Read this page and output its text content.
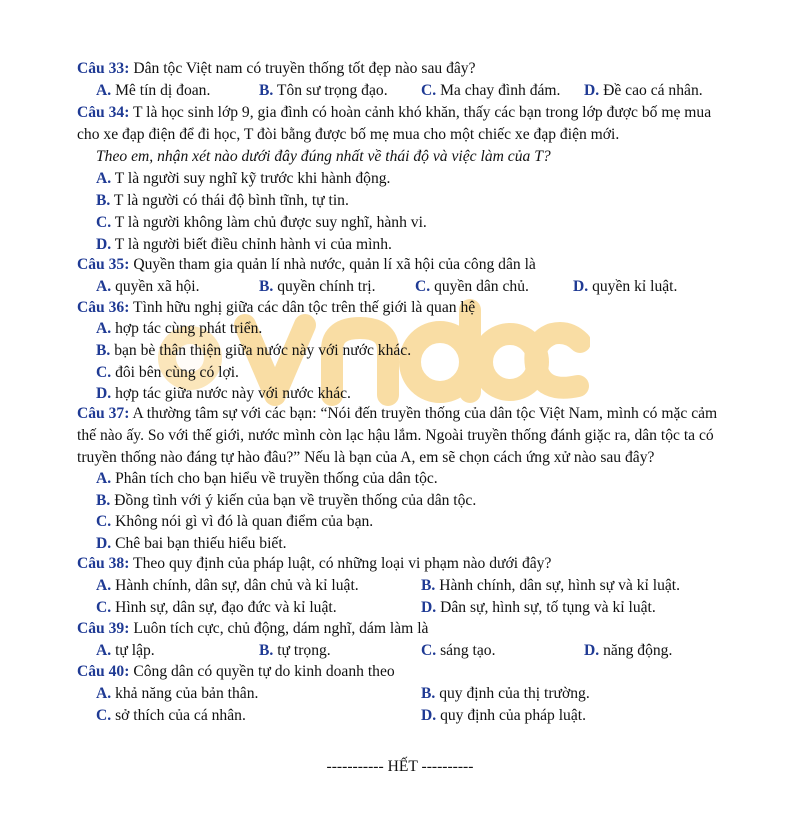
Câu 33: Dân tộc Việt nam có truyền thống tốt đẹp nào sau đây?
A. Mê tín dị đoan.	B. Tôn sư trọng đạo. C. Ma chay đình đám. D. Đề cao cá nhân.
Câu 34: T là học sinh lớp 9, gia đình có hoàn cảnh khó khăn, thấy các bạn trong lớp được bố mẹ mua
cho xe đạp điện để đi học, T đòi bằng được bố mẹ mua cho một chiếc xe đạp điện mới.
Theo em, nhận xét nào dưới đây đúng nhất về thái độ và việc làm của T?
A. T là người suy nghĩ kỹ trước khi hành động.
B. T là người có thái độ bình tĩnh, tự tin.
C. T là người không làm chủ được suy nghĩ, hành vi.
D. T là người biết điều chỉnh hành vi của mình.
Câu 35: Quyền tham gia quản lí nhà nước, quản lí xã hội của công dân là
A. quyền xã hội.	B. quyền chính trị.	C. quyền dân chủ.	D. quyền kỉ luật.
Câu 36: Tình hữu nghị giữa các dân tộc trên thế giới là quan hệ
A. hợp tác cùng phát triển.
B. bạn bè thân thiện giữa nước này với nước khác.
C. đôi bên cùng có lợi.
D. hợp tác giữa nước này với nước khác.
Câu 37: A thường tâm sự với các bạn: “Nói đến truyền thống của dân tộc Việt Nam, mình có mặc cảm
thế nào ấy. So với thế giới, nước mình còn lạc hậu lắm. Ngoài truyền thống đánh giặc ra, dân tộc ta có
truyền thống nào đáng tự hào đâu?” Nếu là bạn của A, em sẽ chọn cách ứng xử nào sau đây?
A. Phân tích cho bạn hiểu về truyền thống của dân tộc.
B. Đồng tình với ý kiến của bạn về truyền thống của dân tộc.
C. Không nói gì vì đó là quan điểm của bạn.
D. Chê bai bạn thiếu hiểu biết.
Câu 38: Theo quy định của pháp luật, có những loại vi phạm nào dưới đây?
A. Hành chính, dân sự, dân chủ và kỉ luật.	B. Hành chính, dân sự, hình sự và kỉ luật.
C. Hình sự, dân sự, đạo đức và kỉ luật.	D. Dân sự, hình sự, tố tụng và kỉ luật.
Câu 39: Luôn tích cực, chủ động, dám nghĩ, dám làm là
A. tự lập.	B. tự trọng.	C. sáng tạo.	D. năng động.
Câu 40: Công dân có quyền tự do kinh doanh theo
A. khả năng của bản thân.	B. quy định của thị trường.
C. sở thích của cá nhân.	D. quy định của pháp luật.
----------- HẾT ----------
